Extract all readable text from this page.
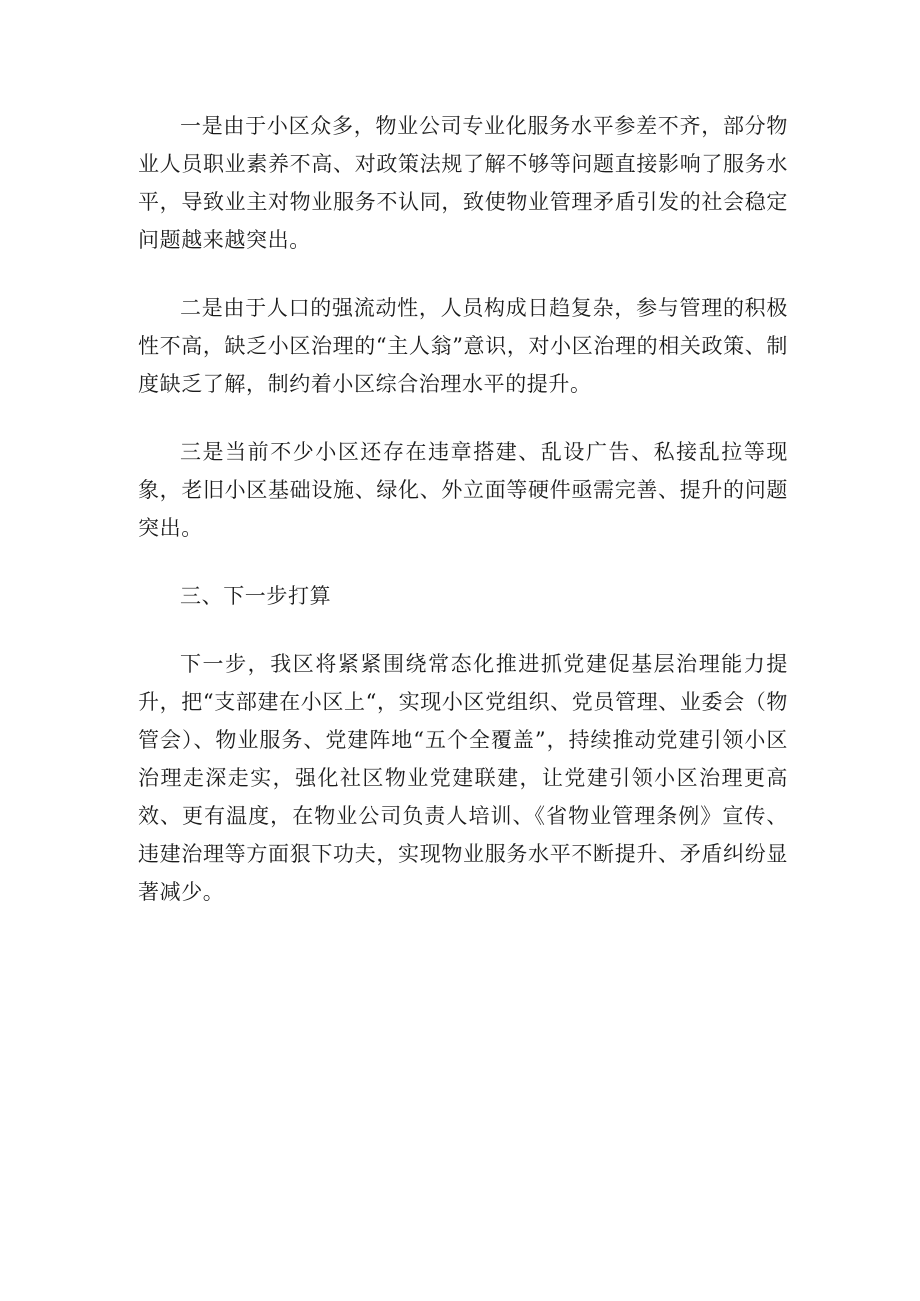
一是由于小区众多，物业公司专业化服务水平参差不齐，部分物业人员职业素养不高、对政策法规了解不够等问题直接影响了服务水平，导致业主对物业服务不认同，致使物业管理矛盾引发的社会稳定问题越来越突出。

二是由于人口的强流动性，人员构成日趋复杂，参与管理的积极性不高，缺乏小区治理的“主人翁”意识，对小区治理的相关政策、制度缺乏了解，制约着小区综合治理水平的提升。

三是当前不少小区还存在违章搭建、乱设广告、私接乱拉等现象，老旧小区基础设施、绿化、外立面等硬件亟需完善、提升的问题突出。

三、下一步打算

下一步，我区将紧紧围绕常态化推进抓党建促基层治理能力提升，把“支部建在小区上“，实现小区党组织、党员管理、业委会（物管会）、物业服务、党建阵地“五个全覆盖”，持续推动党建引领小区治理走深走实，强化社区物业党建联建，让党建引领小区治理更高效、更有温度，在物业公司负责人培训、《省物业管理条例》宣传、违建治理等方面狠下功夫，实现物业服务水平不断提升、矛盾纠纷显著减少。
